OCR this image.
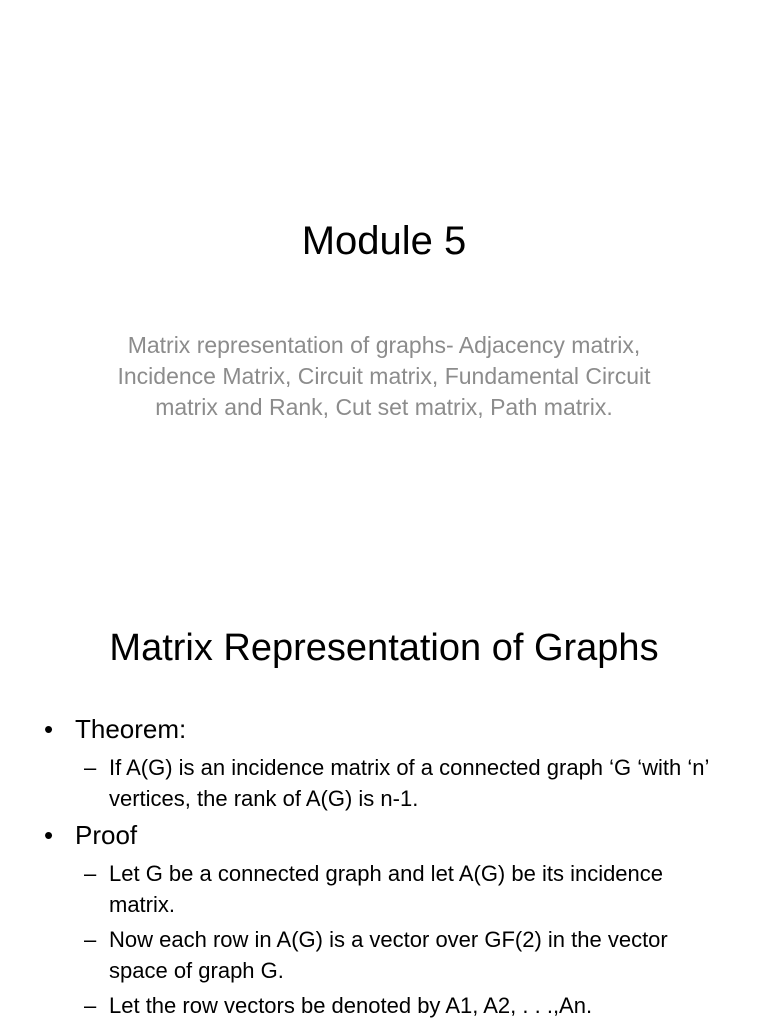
Module 5
Matrix representation of graphs- Adjacency matrix, Incidence Matrix, Circuit matrix, Fundamental Circuit matrix and Rank, Cut set matrix, Path matrix.
Matrix Representation of Graphs
• Theorem:
– If A(G) is an incidence matrix of a connected graph ‘G ‘with ‘n’ vertices, the rank of A(G) is n-1.
• Proof
– Let G be a connected graph and let A(G) be its incidence matrix.
– Now each row in A(G) is a vector over GF(2) in the vector space of graph G.
– Let the row vectors be denoted by A1, A2, . . .,An.
